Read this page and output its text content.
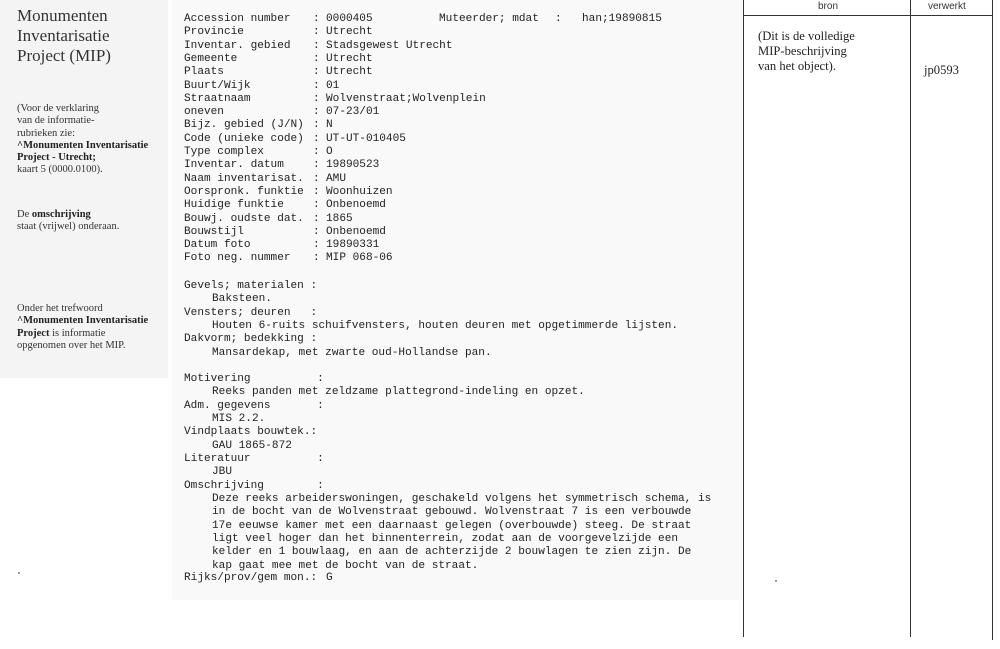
Monumenten
Inventarisatie
Project (MIP)
(Voor de verklaring
van de informatie-
rubrieken zie:
^Monumenten Inventarisatie
Project - Utrecht;
kaart 5 (0000.0100).
De omschrijving
staat (vrijwel) onderaan.
Onder het trefwoord
^Monumenten Inventarisatie
Project is informatie
opgenomen over het MIP.
Accession number : 0000405
Provincie	: Utrecht
Inventar. gebied : Stadsgewest Utrecht
Gemeente	: Utrecht
Plaats	: Utrecht
Buurt/Wijk	: 01
Straatnaam	: Wolvenstraat;Wolvenplein
oneven	: 07-23/01
Bijz. gebied (J/N) : N
Code (unieke code) : UT-UT-010405
Type complex	: O
Inventar. datum	: 19890523
Naam inventarisat. : AMU
Oorspronk. funktie : Woonhuizen
Huidige funktie	: Onbenoemd
Bouwj. oudste dat. : 1865
Bouwstijl	: Onbenoemd
Datum foto	: 19890331
Foto neg. nummer : MIP 068-06
Muteerder; mdat : han;19890815
Gevels; materialen :
Baksteen.
Vensters; deuren   :
Houten 6-ruits schuifvensters, houten deuren met opgetimmerde lijsten.
Dakvorm; bedekking :
Mansardekap, met zwarte oud-Hollandse pan.
Motivering          :
Reeks panden met zeldzame plattegrond-indeling en opzet.
Adm. gegevens       :
MIS 2.2.
Vindplaats bouwtek.:
GAU 1865-872
Literatuur          :
JBU
Omschrijving        :
Deze reeks arbeiderswoningen, geschakeld volgens het symmetrisch schema, is
in de bocht van de Wolvenstraat gebouwd. Wolvenstraat 7 is een verbouwde
17e eeuwse kamer met een daarnaast gelegen (overbouwde) steeg. De straat
ligt veel hoger dan het binnenterrein, zodat aan de voorgevelzijde een
kelder en 1 bouwlaag, en aan de achterzijde 2 bouwlagen te zien zijn. De
kap gaat mee met de bocht van de straat.
Rijks/prov/gem mon.: G
bron	verwerkt
(Dit is de volledige
MIP-beschrijving
van het object).	jp0593
